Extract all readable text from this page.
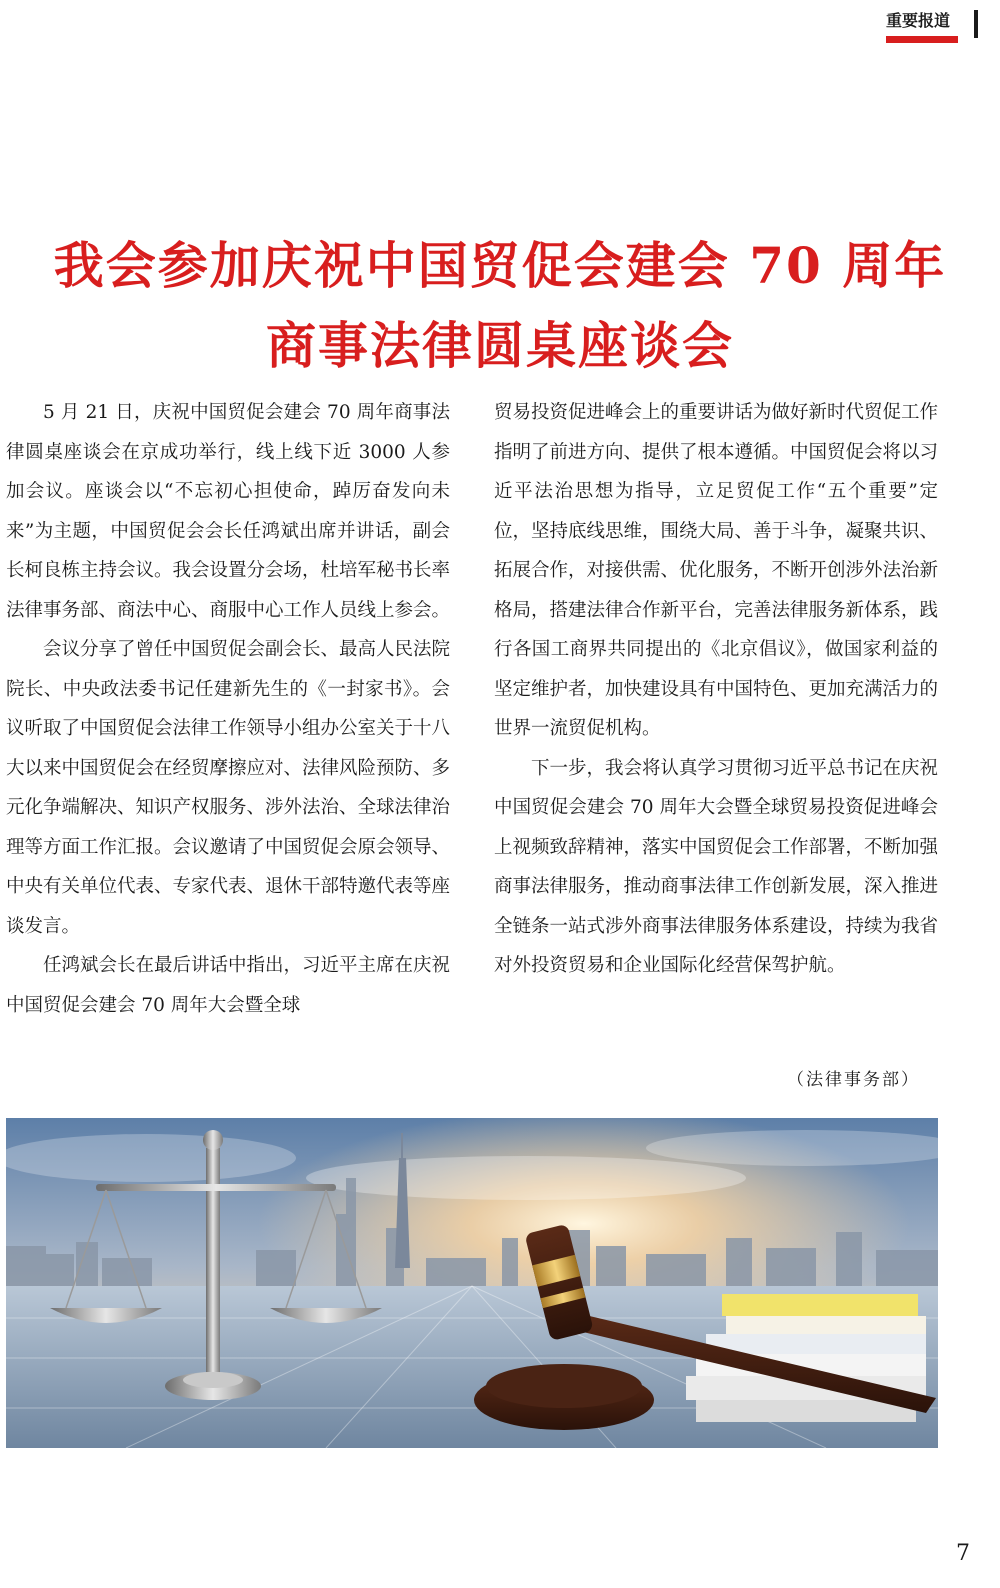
重要报道
我会参加庆祝中国贸促会建会 70 周年
商事法律圆桌座谈会

5 月 21 日，庆祝中国贸促会建会 70 周年商事法律圆桌座谈会在京成功举行，线上线下近 3000 人参加会议。座谈会以“不忘初心担使命，踔厉奋发向未来”为主题，中国贸促会会长任鸿斌出席并讲话，副会长柯良栋主持会议。我会设置分会场，杜培军秘书长率法律事务部、商法中心、商服中心工作人员线上参会。

会议分享了曾任中国贸促会副会长、最高人民法院院长、中央政法委书记任建新先生的《一封家书》。会议听取了中国贸促会法律工作领导小组办公室关于十八大以来中国贸促会在经贸摩擦应对、法律风险预防、多元化争端解决、知识产权服务、涉外法治、全球法律治理等方面工作汇报。会议邀请了中国贸促会原会领导、中央有关单位代表、专家代表、退休干部特邀代表等座谈发言。

任鸿斌会长在最后讲话中指出，习近平主席在庆祝中国贸促会建会 70 周年大会暨全球

贸易投资促进峰会上的重要讲话为做好新时代贸促工作指明了前进方向、提供了根本遵循。中国贸促会将以习近平法治思想为指导，立足贸促工作“五个重要”定位，坚持底线思维，围绕大局、善于斗争，凝聚共识、拓展合作，对接供需、优化服务，不断开创涉外法治新格局，搭建法律合作新平台，完善法律服务新体系，践行各国工商界共同提出的《北京倡议》，做国家利益的坚定维护者，加快建设具有中国特色、更加充满活力的世界一流贸促机构。

下一步，我会将认真学习贯彻习近平总书记在庆祝中国贸促会建会 70 周年大会暨全球贸易投资促进峰会上视频致辞精神，落实中国贸促会工作部署，不断加强商事法律服务，推动商事法律工作创新发展，深入推进全链条一站式涉外商事法律服务体系建设，持续为我省对外投资贸易和企业国际化经营保驾护航。

（法律事务部）
7
